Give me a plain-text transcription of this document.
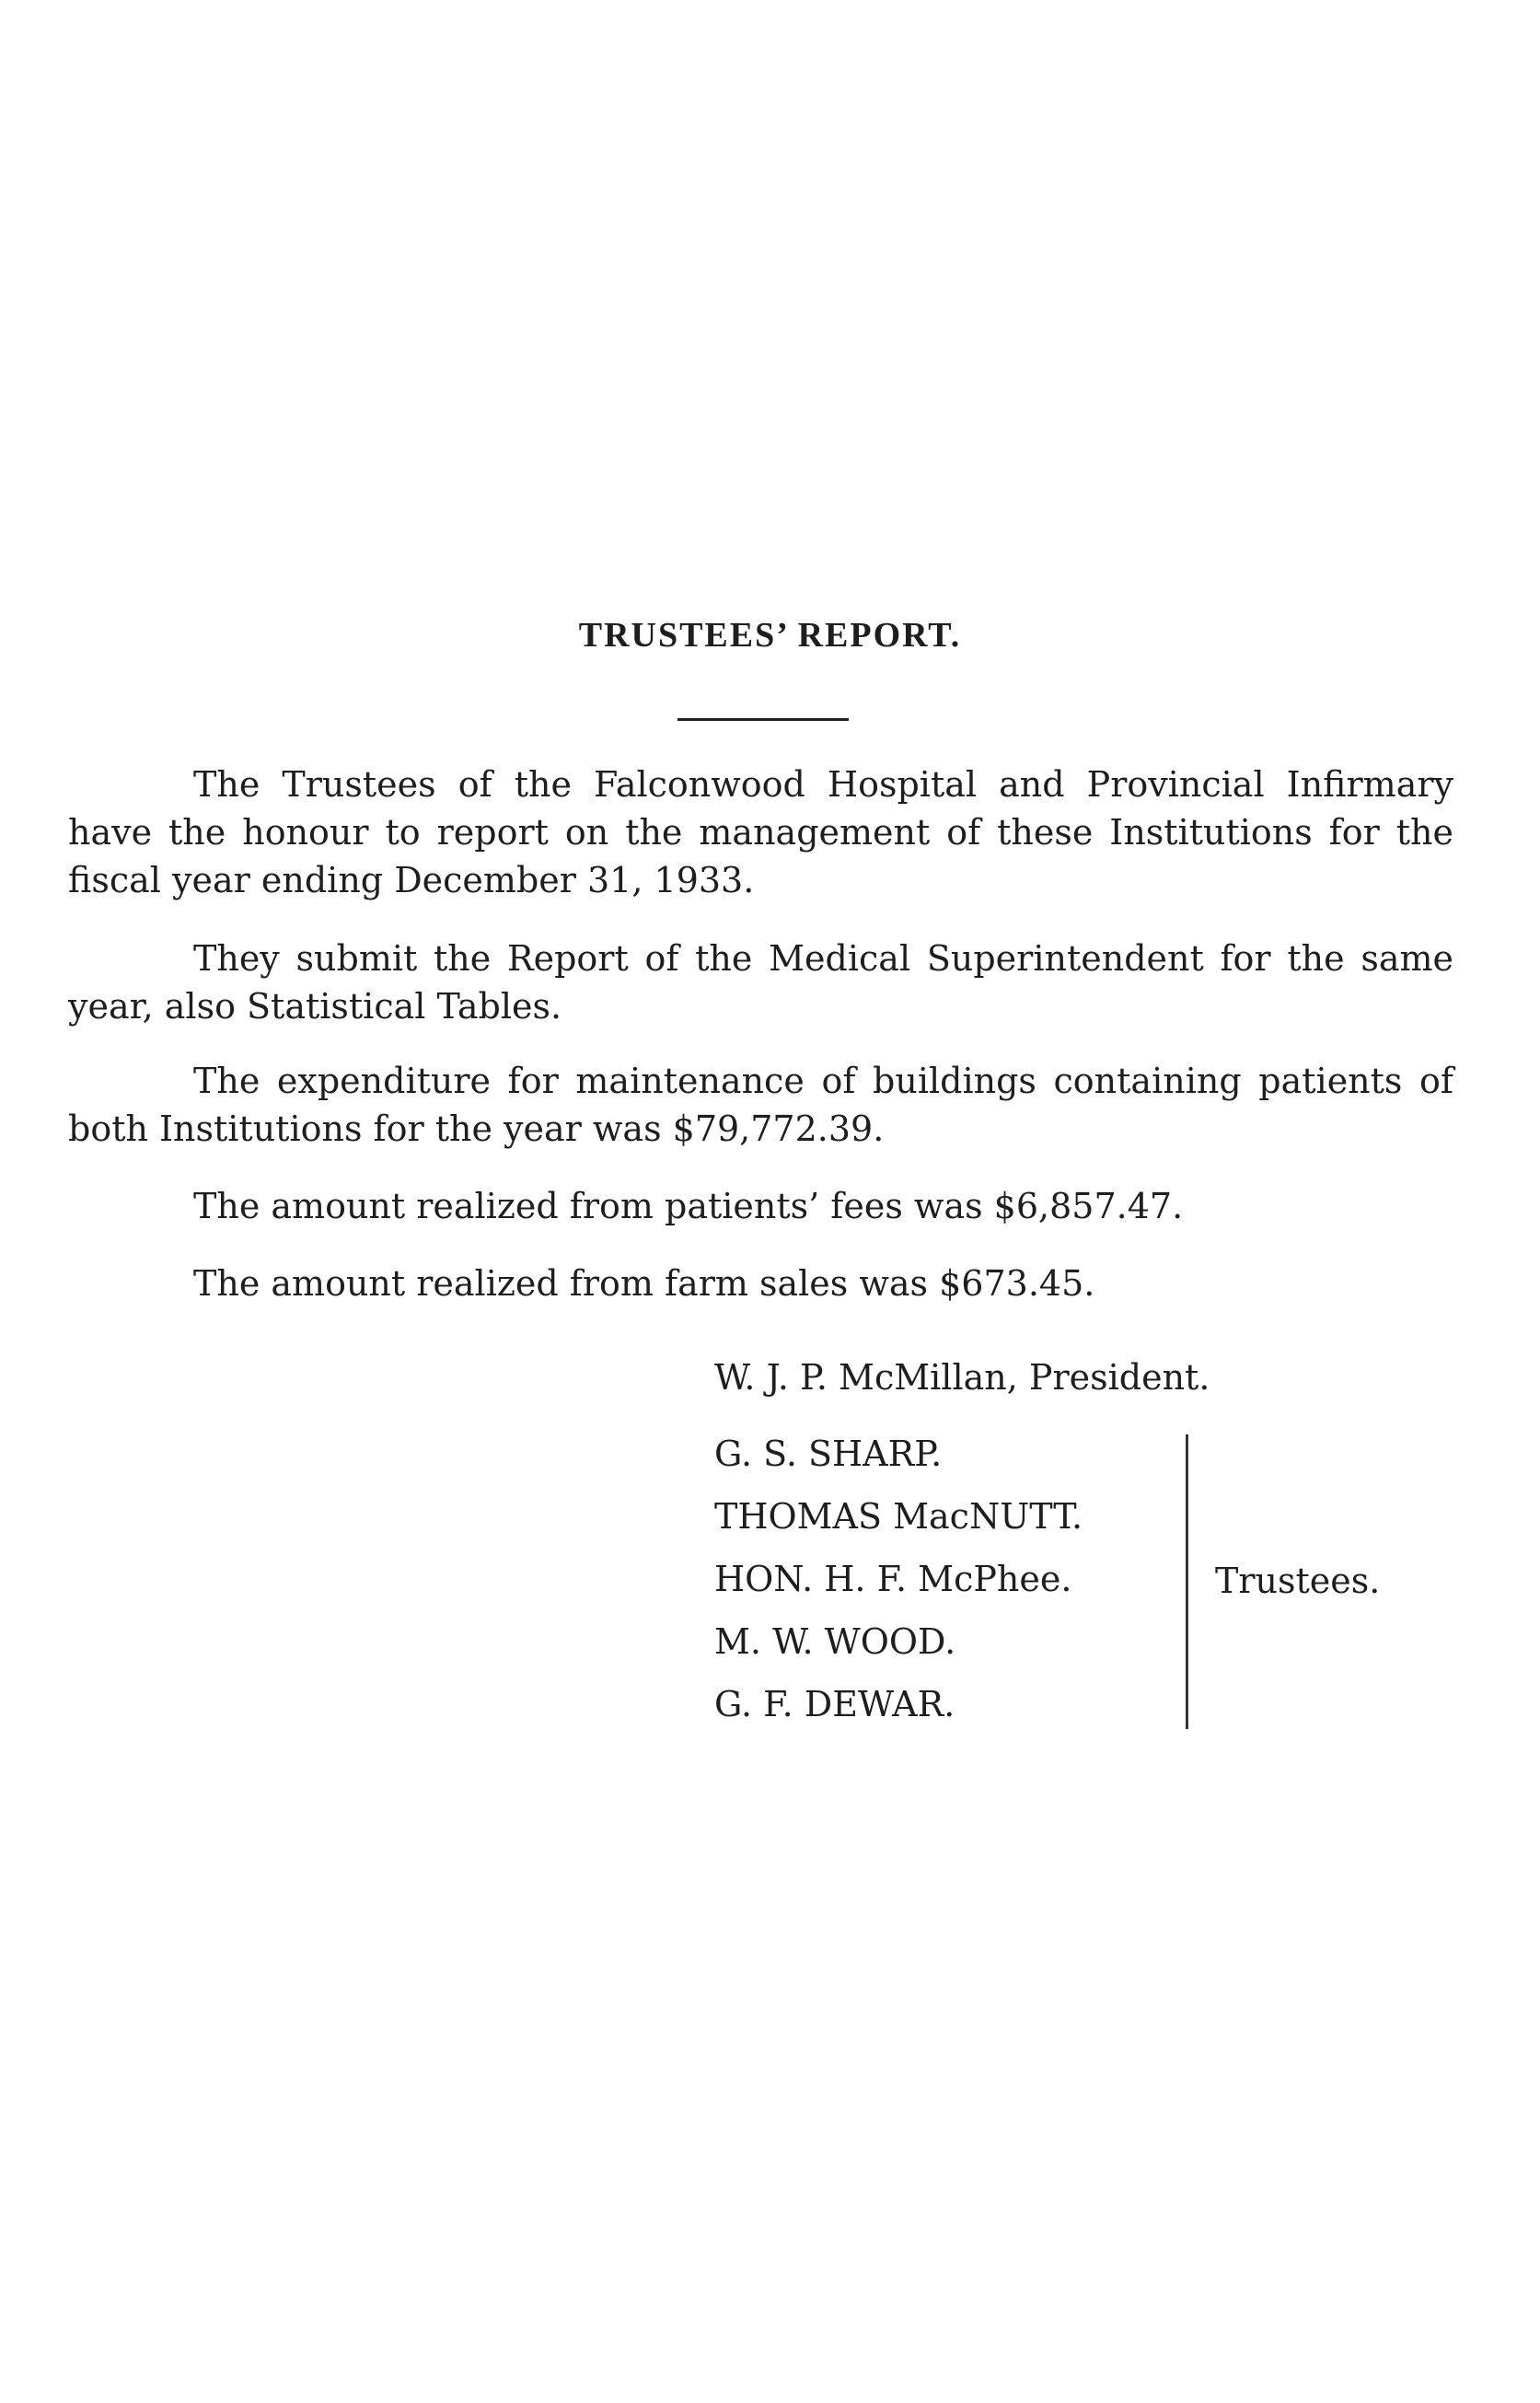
TRUSTEES’ REPORT.

The Trustees of the Falconwood Hospital and Provincial Infirmary have the honour to report on the management of these Institutions for the fiscal year ending December 31, 1933.

They submit the Report of the Medical Superintendent for the same year, also Statistical Tables.

The expenditure for maintenance of buildings containing patients of both Institutions for the year was $79,772.39.

The amount realized from patients’ fees was $6,857.47.

The amount realized from farm sales was $673.45.

W. J. P. McMillan, President.

G. S. SHARP.
THOMAS MacNUTT.
HON. H. F. McPhee.
M. W. WOOD.
G. F. DEWAR.

Trustees.
